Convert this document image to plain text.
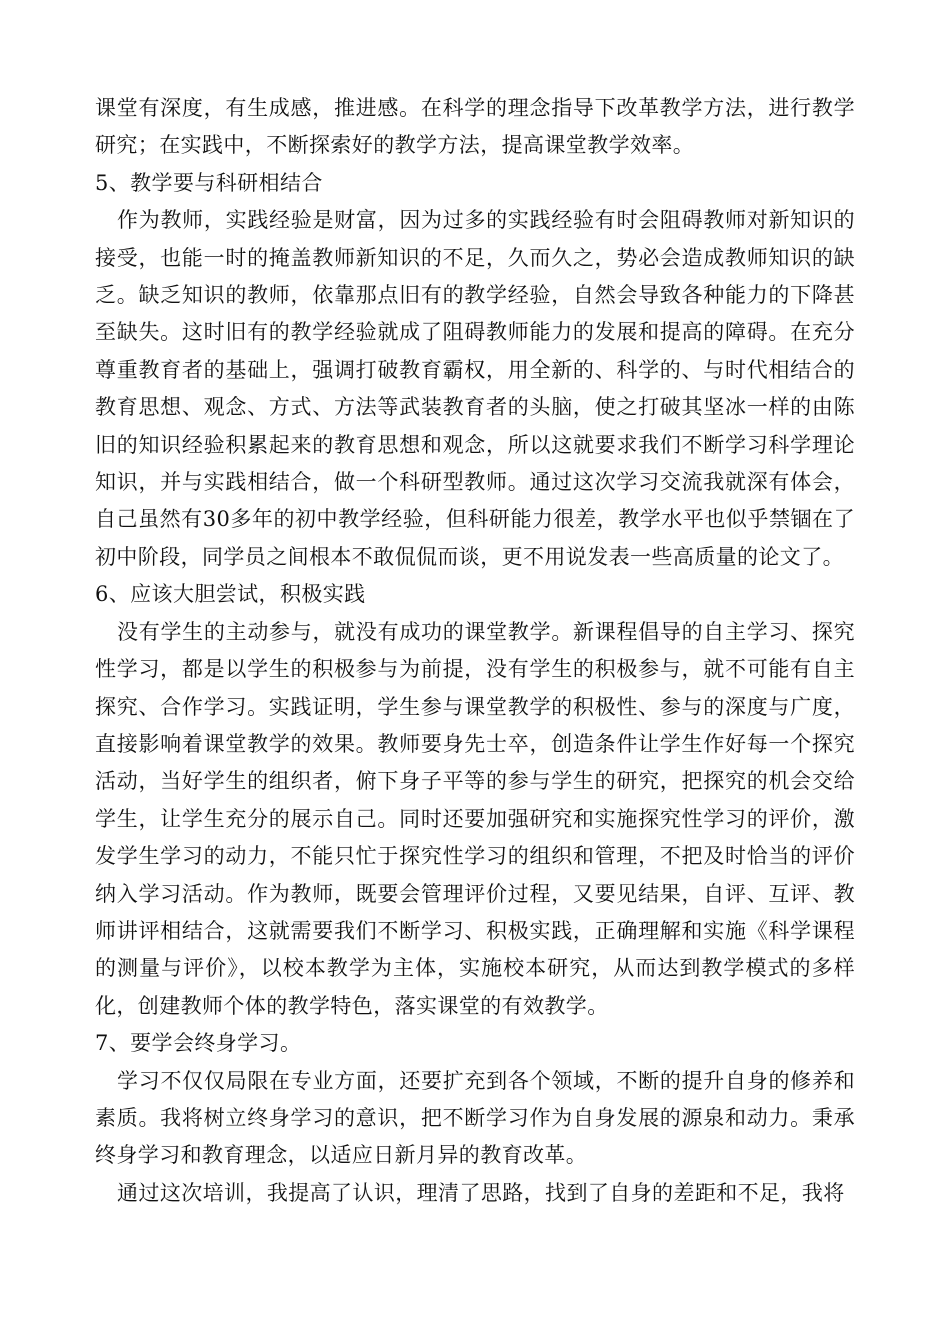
课堂有深度，有生成感，推进感。在科学的理念指导下改革教学方法，进行教学研究；在实践中，不断探索好的教学方法，提高课堂教学效率。

5、教学要与科研相结合

作为教师，实践经验是财富，因为过多的实践经验有时会阻碍教师对新知识的接受，也能一时的掩盖教师新知识的不足，久而久之，势必会造成教师知识的缺乏。缺乏知识的教师，依靠那点旧有的教学经验，自然会导致各种能力的下降甚至缺失。这时旧有的教学经验就成了阻碍教师能力的发展和提高的障碍。在充分尊重教育者的基础上，强调打破教育霸权，用全新的、科学的、与时代相结合的教育思想、观念、方式、方法等武装教育者的头脑，使之打破其坚冰一样的由陈旧的知识经验积累起来的教育思想和观念，所以这就要求我们不断学习科学理论知识，并与实践相结合，做一个科研型教师。通过这次学习交流我就深有体会，自己虽然有30多年的初中教学经验，但科研能力很差，教学水平也似乎禁锢在了初中阶段，同学员之间根本不敢侃侃而谈，更不用说发表一些高质量的论文了。

6、应该大胆尝试，积极实践

没有学生的主动参与，就没有成功的课堂教学。新课程倡导的自主学习、探究性学习，都是以学生的积极参与为前提，没有学生的积极参与，就不可能有自主探究、合作学习。实践证明，学生参与课堂教学的积极性、参与的深度与广度，直接影响着课堂教学的效果。教师要身先士卒，创造条件让学生作好每一个探究活动，当好学生的组织者，俯下身子平等的参与学生的研究，把探究的机会交给学生，让学生充分的展示自己。同时还要加强研究和实施探究性学习的评价，激发学生学习的动力，不能只忙于探究性学习的组织和管理，不把及时恰当的评价纳入学习活动。作为教师，既要会管理评价过程，又要见结果，自评、互评、教师讲评相结合，这就需要我们不断学习、积极实践，正确理解和实施《科学课程的测量与评价》，以校本教学为主体，实施校本研究，从而达到教学模式的多样化，创建教师个体的教学特色，落实课堂的有效教学。

7、要学会终身学习。

学习不仅仅局限在专业方面，还要扩充到各个领域，不断的提升自身的修养和素质。我将树立终身学习的意识，把不断学习作为自身发展的源泉和动力。秉承终身学习和教育理念，以适应日新月异的教育改革。

通过这次培训，我提高了认识，理清了思路，找到了自身的差距和不足，我将
